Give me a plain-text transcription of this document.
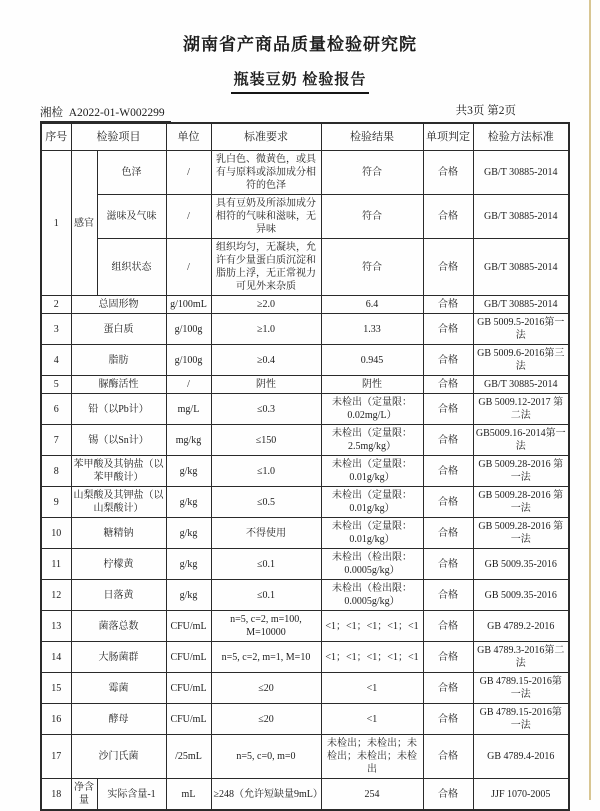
湖南省产商品质量检验研究院
瓶装豆奶 检验报告
湘检 A2022-01-W002299	共3页 第2页
序号	检验项目		单位	标准要求	检验结果	单项判定	检验方法标准
1	感官	色泽	/	乳白色、微黄色，或具有与原料或添加成分相符的色泽	符合	合格	GB/T 30885-2014
		滋味及气味	/	具有豆奶及所添加成分相符的气味和滋味，无异味	符合	合格	GB/T 30885-2014
		组织状态	/	组织均匀，无凝块，允许有少量蛋白质沉淀和脂肪上浮，无正常视力可见外来杂质	符合	合格	GB/T 30885-2014
2	总固形物		g/100mL	≥2.0	6.4	合格	GB/T 30885-2014
3	蛋白质		g/100g	≥1.0	1.33	合格	GB 5009.5-2016第一法
4	脂肪		g/100g	≥0.4	0.945	合格	GB 5009.6-2016第三法
5	脲酶活性		/	阴性	阴性	合格	GB/T 30885-2014
6	铅（以Pb计）		mg/L	≤0.3	未检出（定量限：0.02mg/L）	合格	GB 5009.12-2017 第二法
7	锡（以Sn计）		mg/kg	≤150	未检出（定量限：2.5mg/kg）	合格	GB5009.16-2014第一法
8	苯甲酸及其钠盐（以苯甲酸计）		g/kg	≤1.0	未检出（定量限：0.01g/kg）	合格	GB 5009.28-2016 第一法
9	山梨酸及其钾盐（以山梨酸计）		g/kg	≤0.5	未检出（定量限：0.01g/kg）	合格	GB 5009.28-2016 第一法
10	糖精钠		g/kg	不得使用	未检出（定量限：0.01g/kg）	合格	GB 5009.28-2016 第一法
11	柠檬黄		g/kg	≤0.1	未检出（检出限：0.0005g/kg）	合格	GB 5009.35-2016
12	日落黄		g/kg	≤0.1	未检出（检出限：0.0005g/kg）	合格	GB 5009.35-2016
13	菌落总数		CFU/mL	n=5, c=2, m=100, M=10000	<1；<1；<1；<1；<1	合格	GB 4789.2-2016
14	大肠菌群		CFU/mL	n=5, c=2, m=1, M=10	<1；<1；<1；<1；<1	合格	GB 4789.3-2016第二法
15	霉菌		CFU/mL	≤20	<1	合格	GB 4789.15-2016第一法
16	酵母		CFU/mL	≤20	<1	合格	GB 4789.15-2016第一法
17	沙门氏菌		/25mL	n=5, c=0, m=0	未检出；未检出；未检出；未检出；未检出	合格	GB 4789.4-2016
18	净含量	实际含量-1	mL	≥248（允许短缺量9mL）	254	合格	JJF 1070-2005
